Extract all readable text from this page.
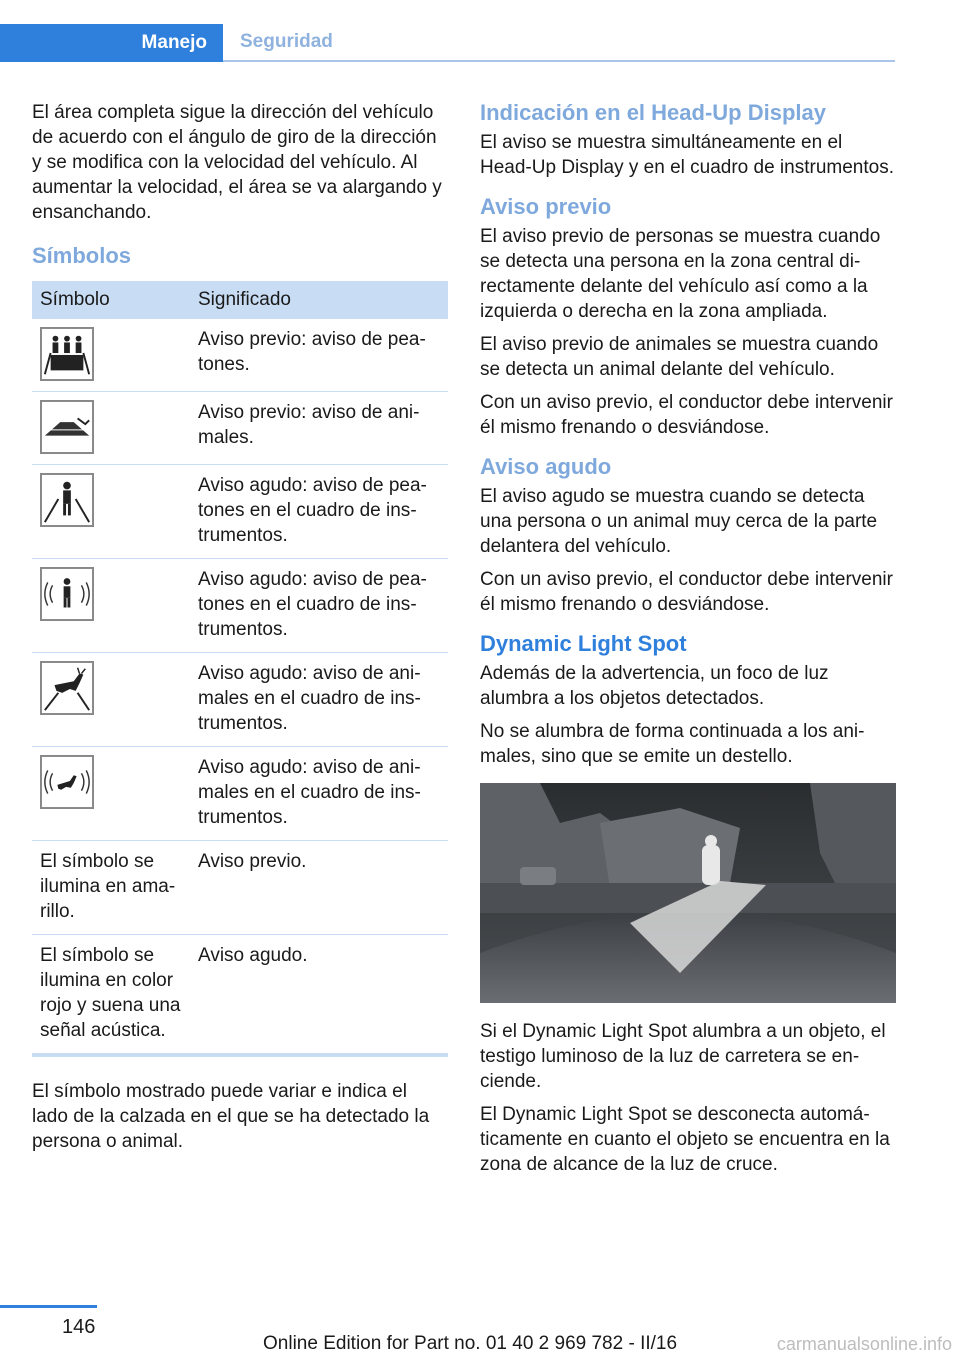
Manejo	Seguridad

El área completa sigue la dirección del vehículo de acuerdo con el ángulo de giro de la dirección y se modifica con la velocidad del vehículo. Al aumentar la velocidad, el área se va alargando y ensanchando.

Símbolos
Símbolo	Significado

	Aviso previo: aviso de peatones.

	Aviso previo: aviso de animales.

	Aviso agudo: aviso de peatones en el cuadro de instrumentos.

	Aviso agudo: aviso de peatones en el cuadro de instrumentos.

	Aviso agudo: aviso de animales en el cuadro de instrumentos.

	Aviso agudo: aviso de animales en el cuadro de instrumentos.
El símbolo se ilumina en amarillo.	Aviso previo.
El símbolo se ilumina en color rojo y suena una señal acústica.	Aviso agudo.

El símbolo mostrado puede variar e indica el lado de la calzada en el que se ha detectado la persona o animal.

Indicación en el Head-Up Display

El aviso se muestra simultáneamente en el Head-Up Display y en el cuadro de instrumentos.

Aviso previo

El aviso previo de personas se muestra cuando se detecta una persona en la zona central directamente delante del vehículo así como a la izquierda o derecha en la zona ampliada.

El aviso previo de animales se muestra cuando se detecta un animal delante del vehículo.

Con un aviso previo, el conductor debe intervenir él mismo frenando o desviándose.

Aviso agudo

El aviso agudo se muestra cuando se detecta una persona o un animal muy cerca de la parte delantera del vehículo.

Con un aviso previo, el conductor debe intervenir él mismo frenando o desviándose.

Dynamic Light Spot

Además de la advertencia, un foco de luz alumbra a los objetos detectados.

No se alumbra de forma continuada a los animales, sino que se emite un destello.

Si el Dynamic Light Spot alumbra a un objeto, el testigo luminoso de la luz de carretera se enciende.

El Dynamic Light Spot se desconecta automáticamente en cuanto el objeto se encuentra en la zona de alcance de la luz de cruce.

146
Online Edition for Part no. 01 40 2 969 782 - II/16	carmanualsonline.info
